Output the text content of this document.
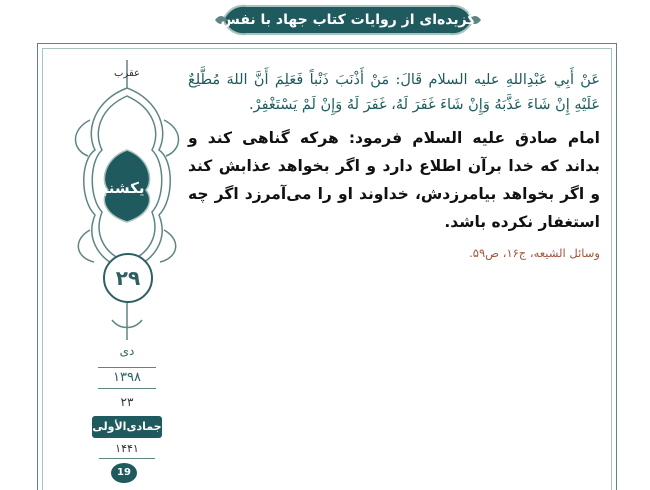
گزیده‌ای از روایات کتاب جهاد با نفس
عقرب
یکشنبه
۲۹
دی
۱۳۹۸
۲۳
جمادی‌الأولی
۱۴۴۱
19

عَنْ أَبِي عَبْدِاللهِ عليه السلام قَالَ: مَنْ أَذْنَبَ ذَنْباً فَعَلِمَ أَنَّ اللهَ مُطَّلِعٌ عَلَيْهِ إِنْ شَاءَ عَذَّبَهُ وَإِنْ شَاءَ غَفَرَ لَهُ، غَفَرَ لَهُ وَإِنْ لَمْ يَسْتَغْفِرْ.

امام صادق عليه السلام فرمود: هرکه گناهی کند و بداند که خدا برآن اطلاع دارد و اگر بخواهد عذابش کند و اگر بخواهد بیامرزدش، خداوند او را می‌آمرزد اگر چه استغفار نکرده باشد.

وسائل الشیعه، ج۱۶، ص۵۹.
